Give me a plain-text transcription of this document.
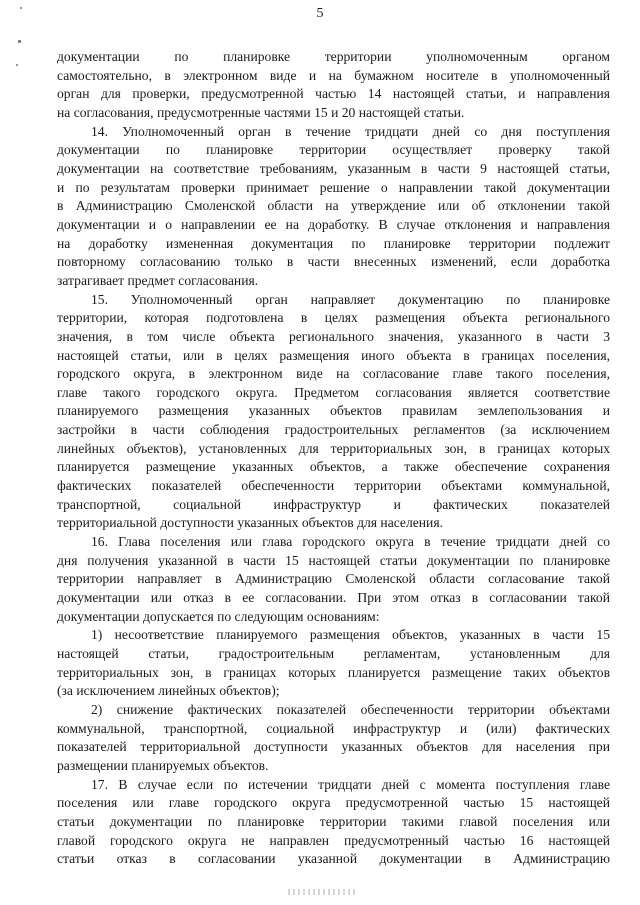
5
документации по планировке территории уполномоченным органом
самостоятельно, в электронном виде и на бумажном носителе в уполномоченный
орган для проверки, предусмотренной частью 14 настоящей статьи, и направления
на согласования, предусмотренные частями 15 и 20 настоящей статьи.
14. Уполномоченный орган в течение тридцати дней со дня поступления
документации по планировке территории осуществляет проверку такой
документации на соответствие требованиям, указанным в части 9 настоящей статьи,
и по результатам проверки принимает решение о направлении такой документации
в Администрацию Смоленской области на утверждение или об отклонении такой
документации и о направлении ее на доработку. В случае отклонения и направления
на доработку измененная документация по планировке территории подлежит
повторному согласованию только в части внесенных изменений, если доработка
затрагивает предмет согласования.
15. Уполномоченный орган направляет документацию по планировке
территории, которая подготовлена в целях размещения объекта регионального
значения, в том числе объекта регионального значения, указанного в части 3
настоящей статьи, или в целях размещения иного объекта в границах поселения,
городского округа, в электронном виде на согласование главе такого поселения,
главе такого городского округа. Предметом согласования является соответствие
планируемого размещения указанных объектов правилам землепользования и
застройки в части соблюдения градостроительных регламентов (за исключением
линейных объектов), установленных для территориальных зон, в границах которых
планируется размещение указанных объектов, а также обеспечение сохранения
фактических показателей обеспеченности территории объектами коммунальной,
транспортной, социальной инфраструктур и фактических показателей
территориальной доступности указанных объектов для населения.
16. Глава поселения или глава городского округа в течение тридцати дней со
дня получения указанной в части 15 настоящей статьи документации по планировке
территории направляет в Администрацию Смоленской области согласование такой
документации или отказ в ее согласовании. При этом отказ в согласовании такой
документации допускается по следующим основаниям:
1) несоответствие планируемого размещения объектов, указанных в части 15
настоящей статьи, градостроительным регламентам, установленным для
территориальных зон, в границах которых планируется размещение таких объектов
(за исключением линейных объектов);
2) снижение фактических показателей обеспеченности территории объектами
коммунальной, транспортной, социальной инфраструктур и (или) фактических
показателей территориальной доступности указанных объектов для населения при
размещении планируемых объектов.
17. В случае если по истечении тридцати дней с момента поступления главе
поселения или главе городского округа предусмотренной частью 15 настоящей
статьи документации по планировке территории такими главой поселения или
главой городского округа не направлен предусмотренный частью 16 настоящей
статьи отказ в согласовании указанной документации в Администрацию
